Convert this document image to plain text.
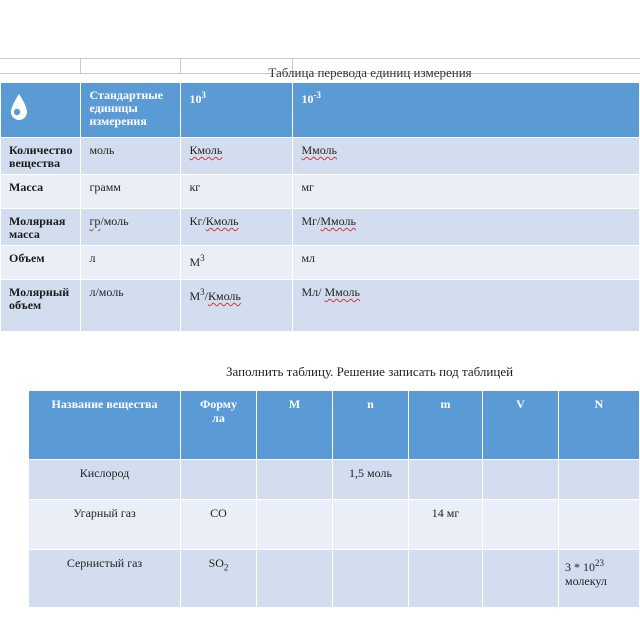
Таблица перевода единиц измерения
	Стандартные
единицы
измерения	$10^3$	$10^{-3}$
Количество
вещества	моль	Кмоль	Ммоль
Масса	грамм	кг	мг
Молярная
масса	гр/моль	Кг/Кмоль	Мг/Ммоль
Объем	л	$М^3$	мл
Молярный
объем	л/моль	$М^3$/Кмоль	Мл/ Ммоль
Заполнить таблицу. Решение записать под таблицей
Название вещества	Форму
ла	M	n	m	V	N
Кислород			1,5 моль			
Угарный газ	CO			14 мг		
Сернистый газ	$SO_2$					$3 * 10^{23}$
молекул
